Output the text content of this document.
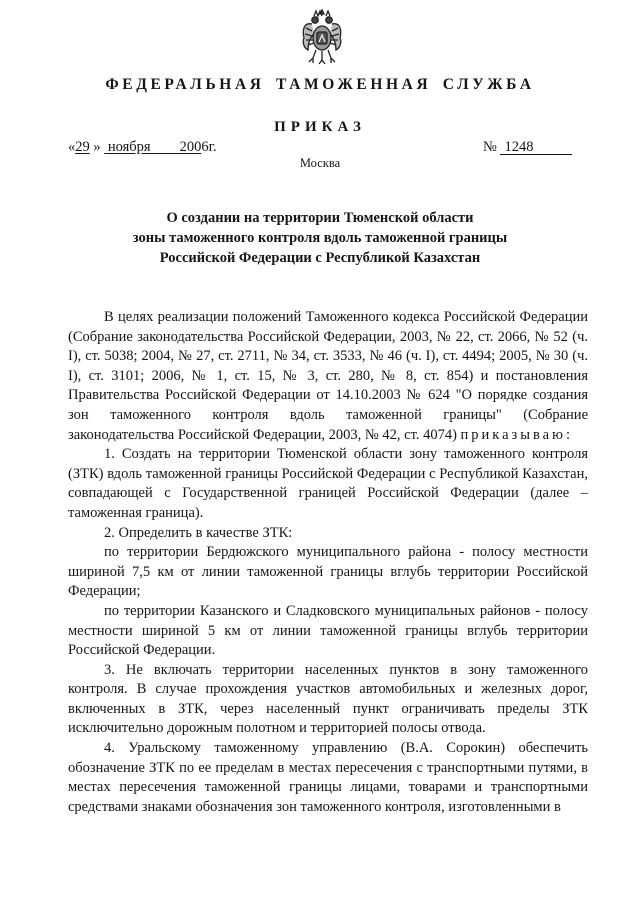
ФЕДЕРАЛЬНАЯ ТАМОЖЕННАЯ СЛУЖБА
ПРИКАЗ
«29 » ноября 2006г.	№ 1248
Москва
О создании на территории Тюменской области
зоны таможенного контроля вдоль таможенной границы
Российской Федерации с Республикой Казахстан

В целях реализации положений Таможенного кодекса Российской Федерации (Собрание законодательства Российской Федерации, 2003, № 22, ст. 2066, № 52 (ч. I), ст. 5038; 2004, № 27, ст. 2711, № 34, ст. 3533, № 46 (ч. I), ст. 4494; 2005, № 30 (ч. I), ст. 3101; 2006, № 1, ст. 15, № 3, ст. 280, № 8, ст. 854) и постановления Правительства Российской Федерации от 14.10.2003 № 624 "О порядке создания зон таможенного контроля вдоль таможенной границы" (Собрание законодательства Российской Федерации, 2003, № 42, ст. 4074) приказываю:

1. Создать на территории Тюменской области зону таможенного контроля (ЗТК) вдоль таможенной границы Российской Федерации с Республикой Казахстан, совпадающей с Государственной границей Российской Федерации (далее – таможенная граница).

2. Определить в качестве ЗТК:

по территории Бердюжского муниципального района - полосу местности шириной 7,5 км от линии таможенной границы вглубь территории Российской Федерации;

по территории Казанского и Сладковского муниципальных районов - полосу местности шириной 5 км от линии таможенной границы вглубь территории Российской Федерации.

3. Не включать территории населенных пунктов в зону таможенного контроля. В случае прохождения участков автомобильных и железных дорог, включенных в ЗТК, через населенный пункт ограничивать пределы ЗТК исключительно дорожным полотном и территорией полосы отвода.

4. Уральскому таможенному управлению (В.А. Сорокин) обеспечить обозначение ЗТК по ее пределам в местах пересечения с транспортными путями, в местах пересечения таможенной границы лицами, товарами и транспортными средствами знаками обозначения зон таможенного контроля, изготовленными в
